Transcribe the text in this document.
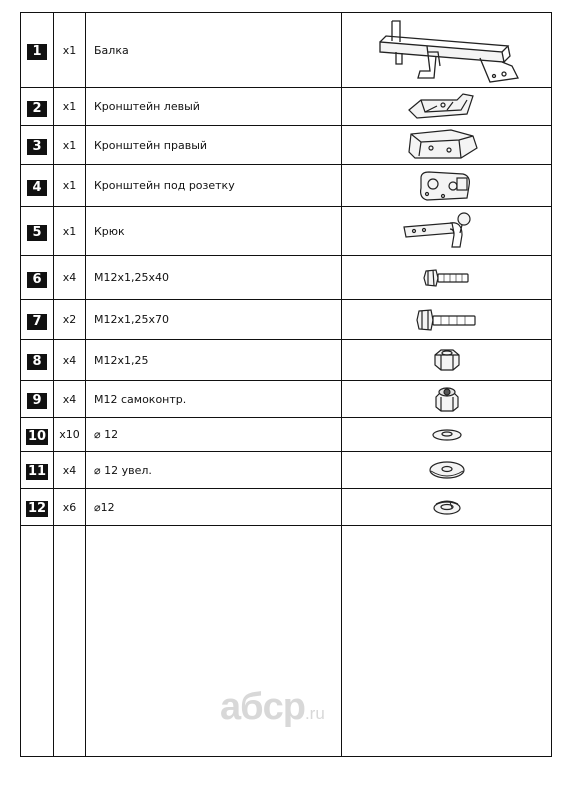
1	x1	Балка	

2	x1	Кронштейн левый	

3	x1	Кронштейн правый	

4	x1	Кронштейн под розетку	

5	x1	Крюк	

6	x4	М12х1,25х40	

7	x2	М12х1,25х70	

8	x4	М12х1,25	

9	x4	М12 самоконтр.	

10	x10	⌀ 12	

11	x4	⌀ 12 увел.	

12	x6	⌀12	

aбcp.ru
